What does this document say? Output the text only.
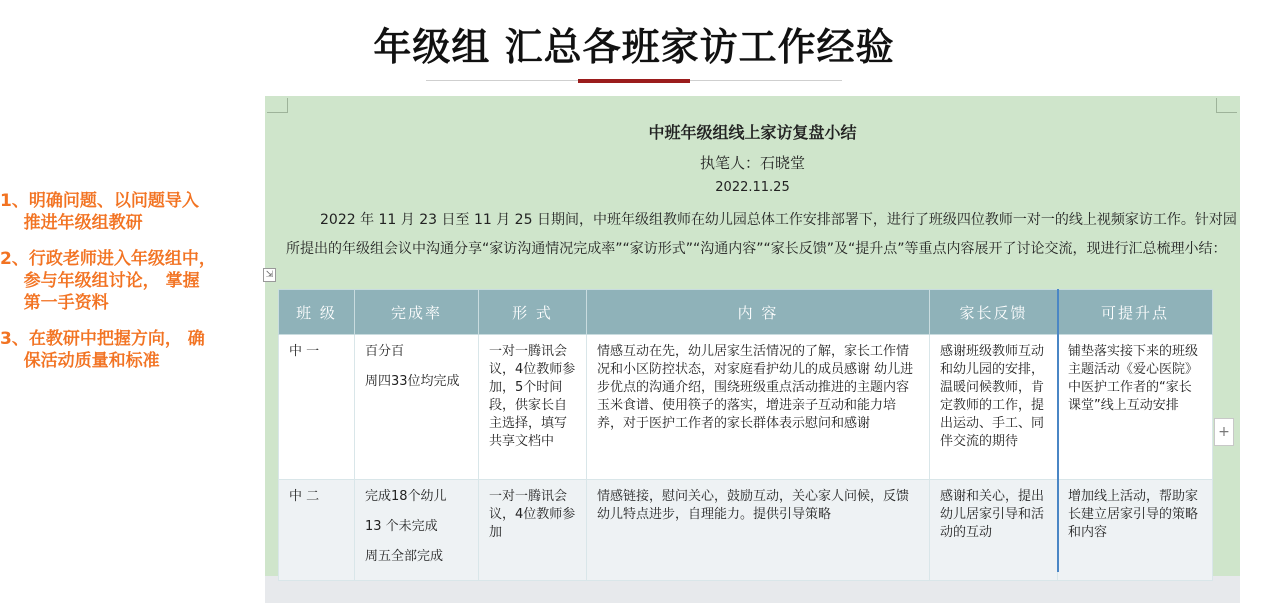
年级组 汇总各班家访工作经验
1、明确问题、以问题导入
推进年级组教研
2、行政老师进入年级组中，
参与年级组讨论， 掌握
第一手资料
3、在教研中把握方向， 确
保活动质量和标准
中班年级组线上家访复盘小结
执笔人：石晓堂
2022.11.25
2022 年 11 月 23 日至 11 月 25 日期间，中班年级组教师在幼儿园总体工作安排部署下，进行了班级四位教师一对一的线上视频家访工作。针对园所提出的年级组会议中沟通分享“家访沟通情况完成率”“家访形式”“沟通内容”“家长反馈”及“提升点”等重点内容展开了讨论交流，现进行汇总梳理小结：
⇲
班 级	完成率	形 式	内 容	家长反馈	可提升点
中 一	百分百
周四33位均完成	一对一腾讯会议，4位教师参加，5个时间段，供家长自主选择，填写共享文档中	情感互动在先，幼儿居家生活情况的了解，家长工作情况和小区防控状态，对家庭看护幼儿的成员感谢 幼儿进步优点的沟通介绍，围绕班级重点活动推进的主题内容玉米食谱、使用筷子的落实，增进亲子互动和能力培养，对于医护工作者的家长群体表示慰问和感谢	感谢班级教师互动和幼儿园的安排，温暖问候教师，肯定教师的工作，提出运动、手工、同伴交流的期待	铺垫落实接下来的班级主题活动《爱心医院》中医护工作者的“家长课堂”线上互动安排
中 二	完成18个幼儿
13 个未完成
周五全部完成	一对一腾讯会议，4位教师参加	情感链接，慰问关心，鼓励互动，关心家人问候，反馈幼儿特点进步，自理能力。提供引导策略	感谢和关心，提出幼儿居家引导和活动的互动	增加线上活动，帮助家长建立居家引导的策略和内容
+
